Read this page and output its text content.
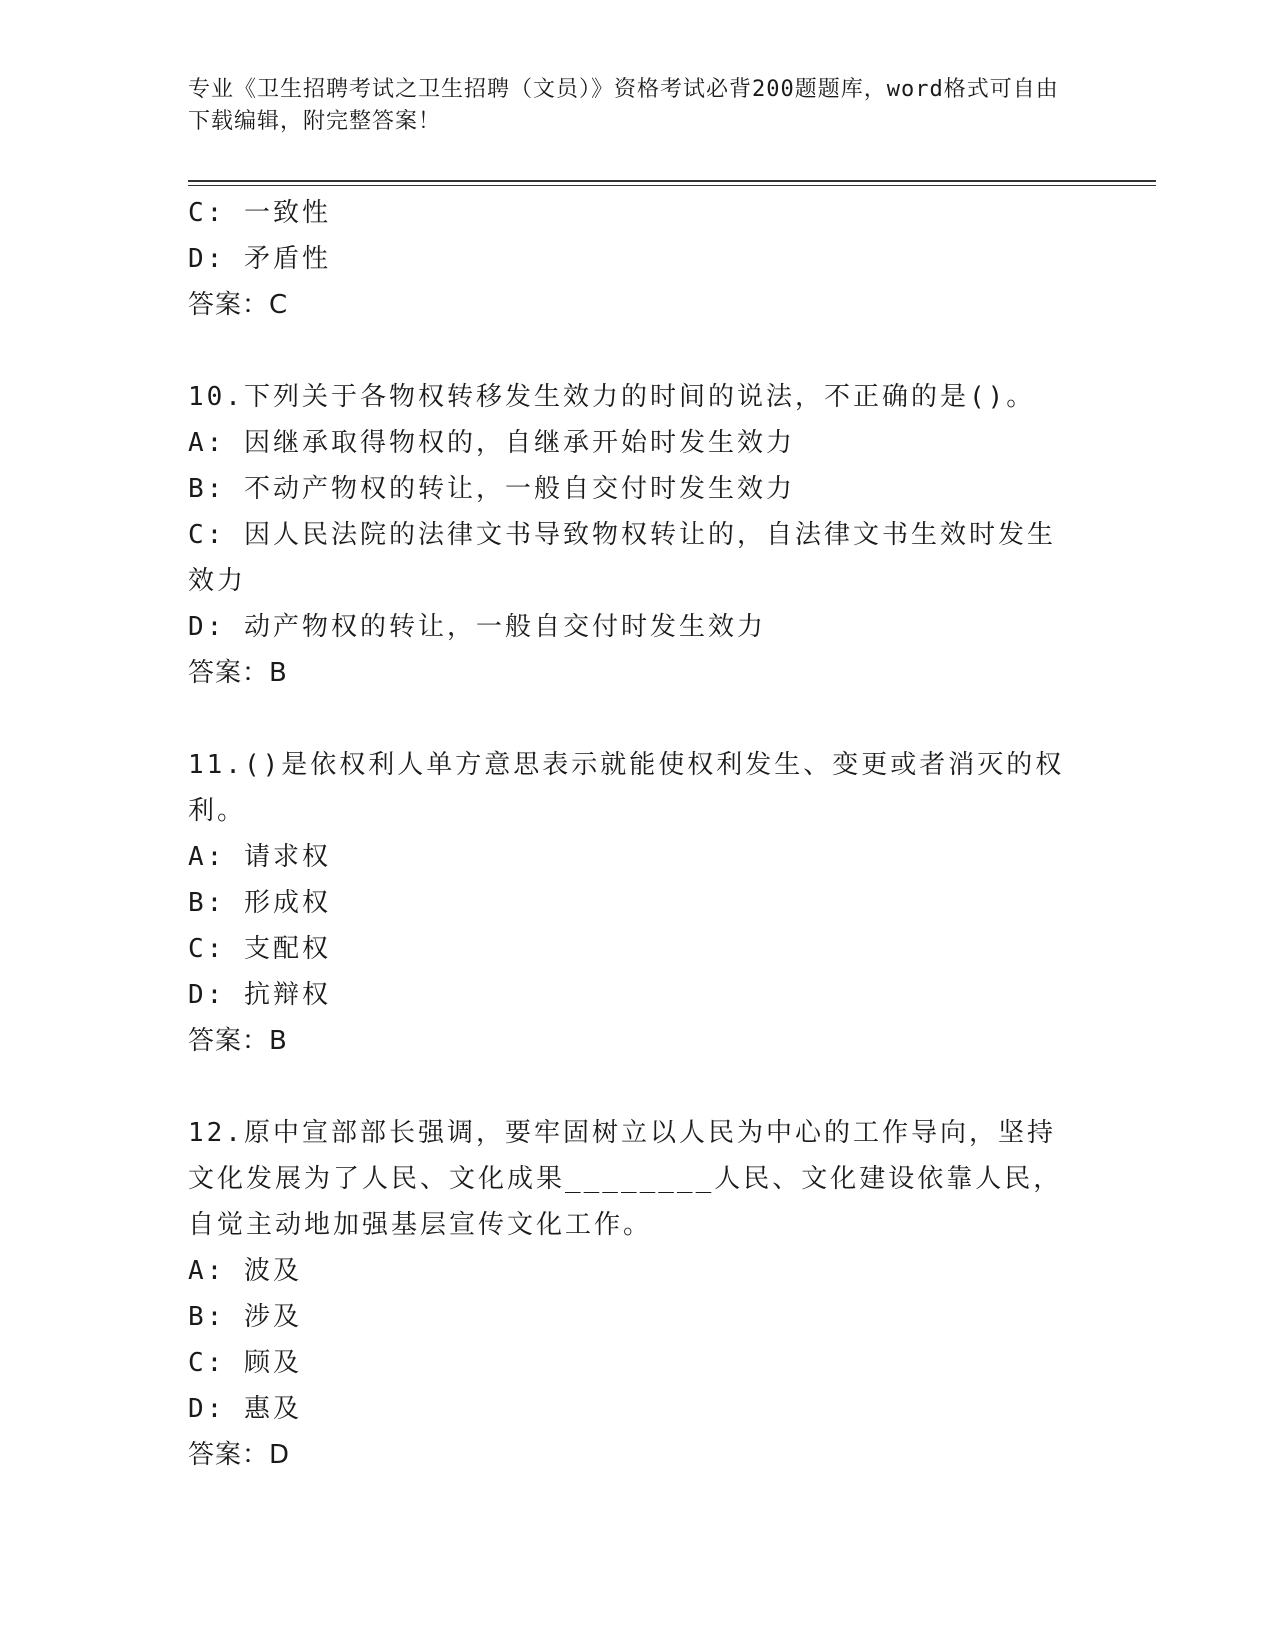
专业《卫生招聘考试之卫生招聘（文员）》资格考试必背200题题库，word格式可自由下载编辑，附完整答案！
C: 一致性
D: 矛盾性
答案：C
10.下列关于各物权转移发生效力的时间的说法，不正确的是()。
A: 因继承取得物权的，自继承开始时发生效力
B: 不动产物权的转让，一般自交付时发生效力
C: 因人民法院的法律文书导致物权转让的，自法律文书生效时发生效力
D: 动产物权的转让，一般自交付时发生效力
答案：B
11.()是依权利人单方意思表示就能使权利发生、变更或者消灭的权利。
A: 请求权
B: 形成权
C: 支配权
D: 抗辩权
答案：B
12.原中宣部部长强调，要牢固树立以人民为中心的工作导向，坚持文化发展为了人民、文化成果________人民、文化建设依靠人民，自觉主动地加强基层宣传文化工作。
A: 波及
B: 涉及
C: 顾及
D: 惠及
答案：D
